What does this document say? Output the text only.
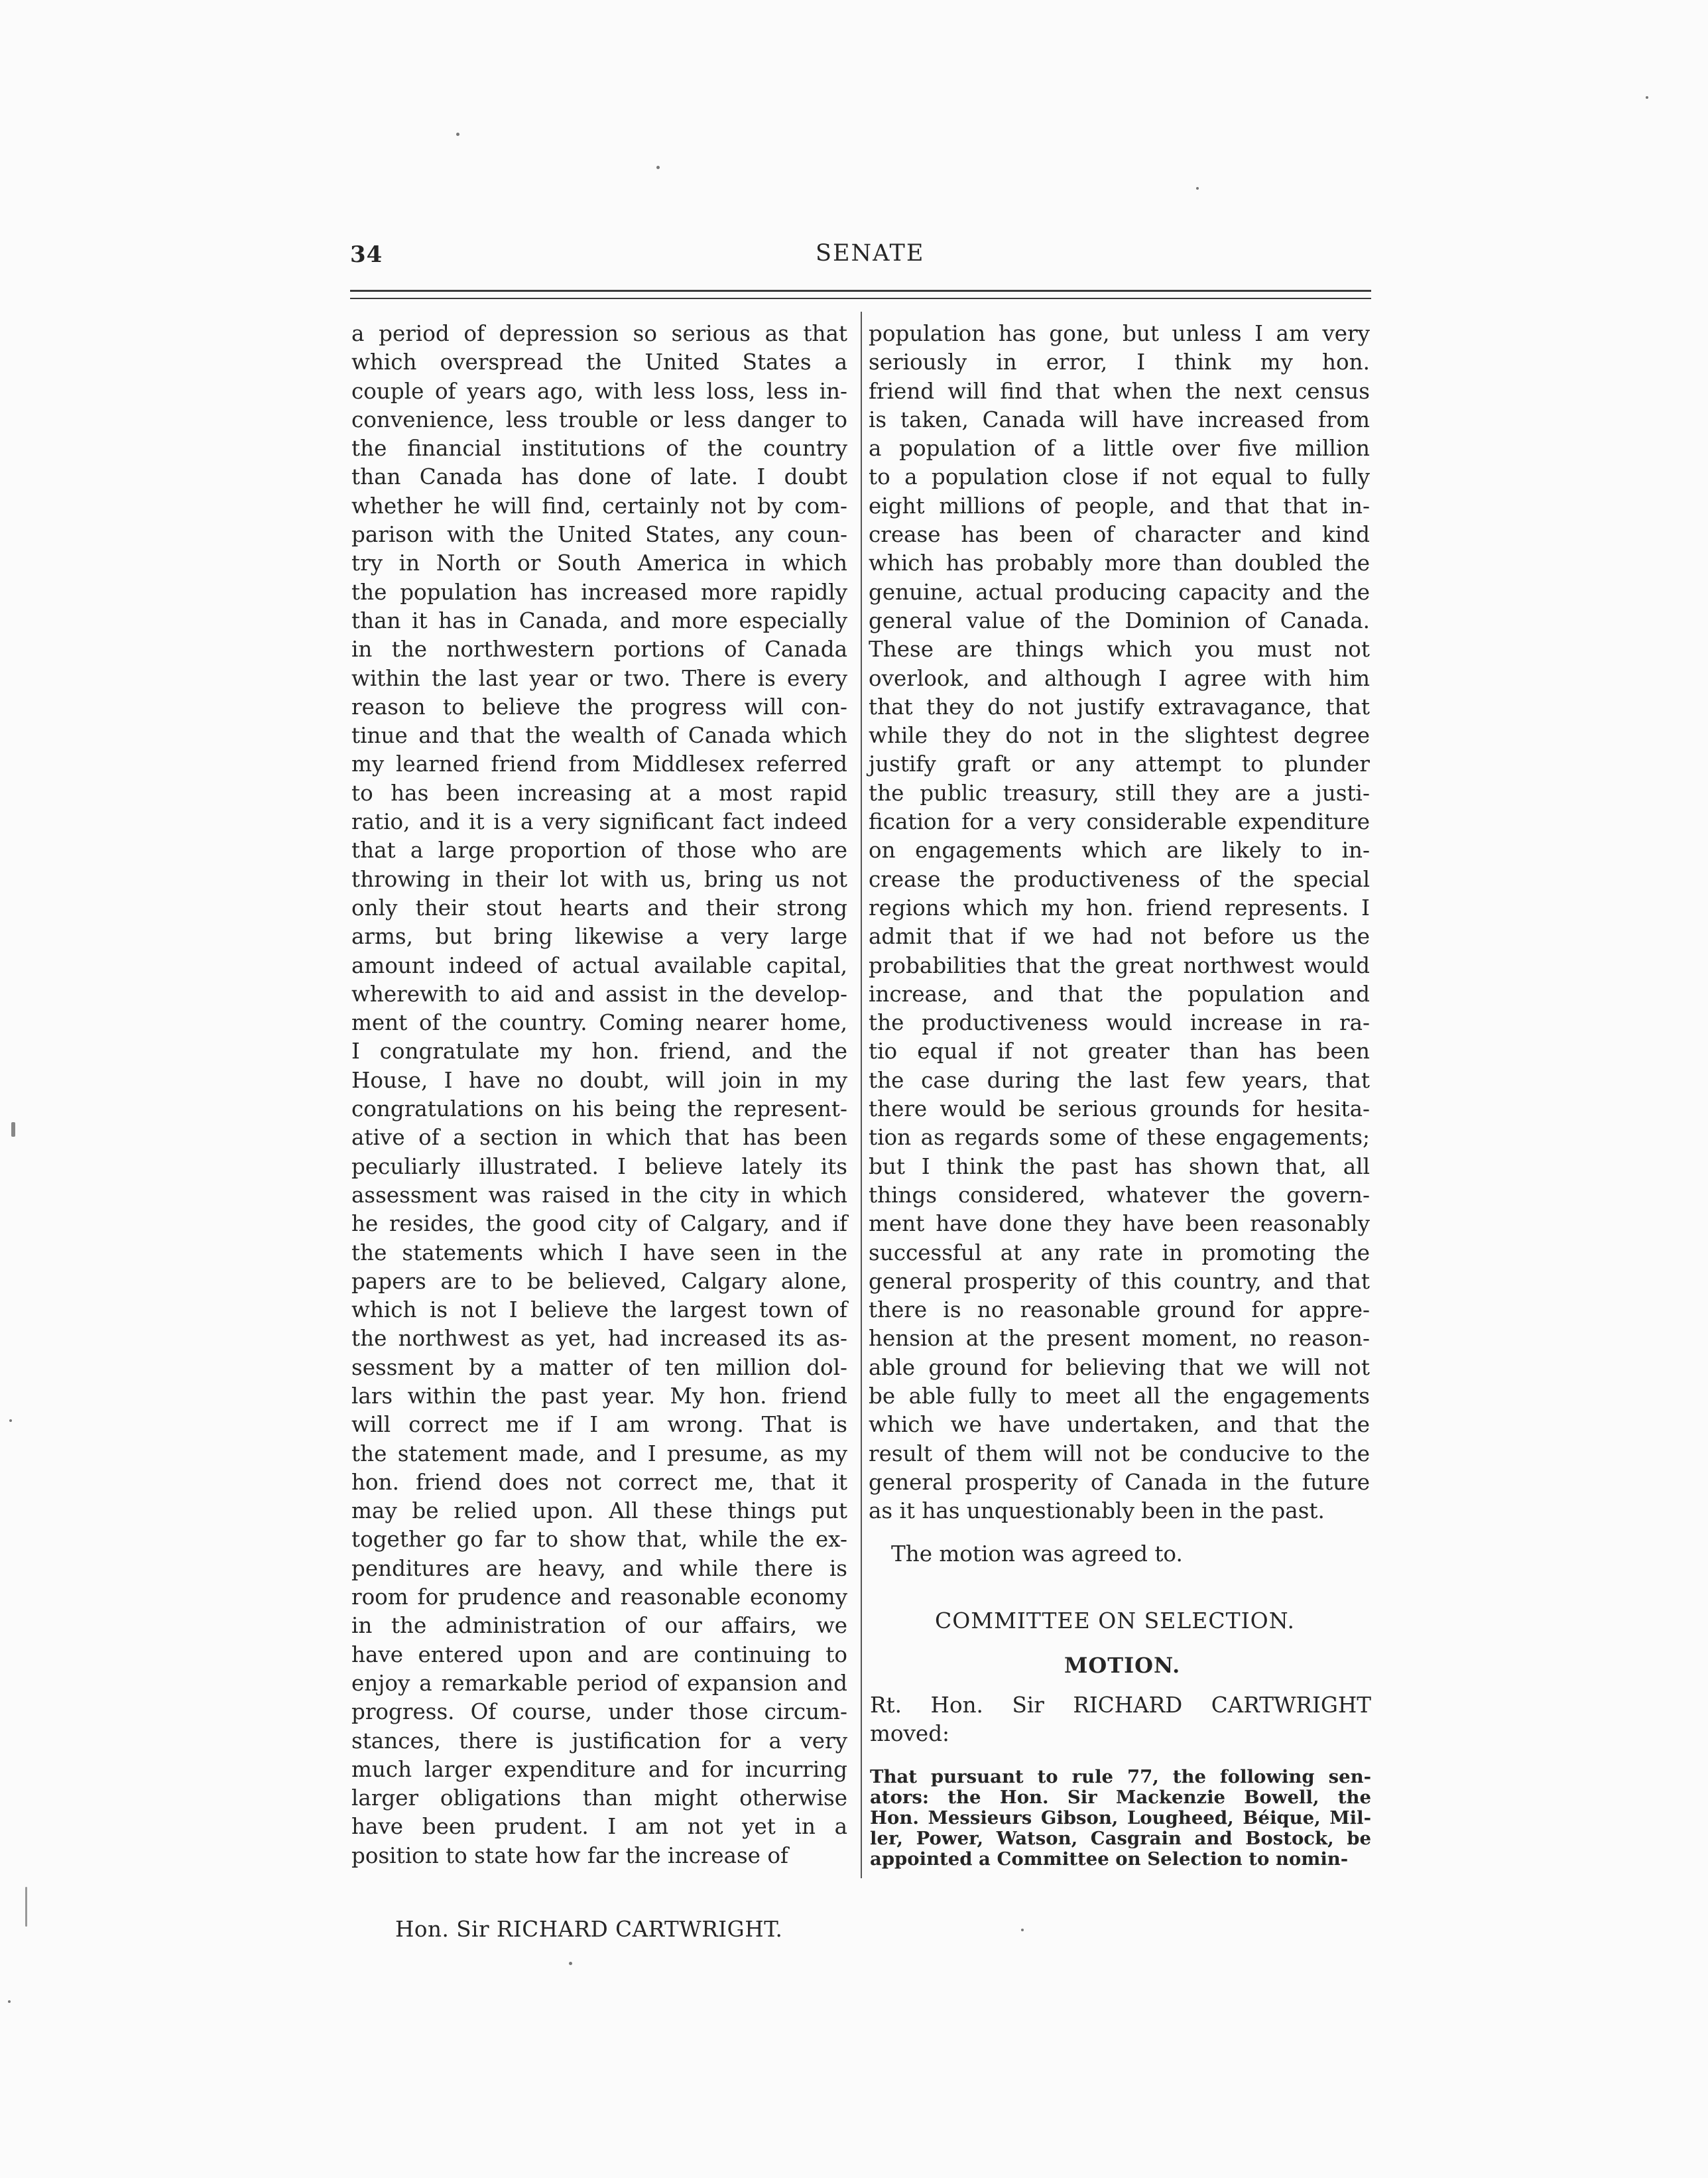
34	SENATE
a period of depression so serious as that
which overspread the United States a
couple of years ago, with less loss, less in-
convenience, less trouble or less danger to
the financial institutions of the country
than Canada has done of late. I doubt
whether he will find, certainly not by com-
parison with the United States, any coun-
try in North or South America in which
the population has increased more rapidly
than it has in Canada, and more especially
in the northwestern portions of Canada
within the last year or two. There is every
reason to believe the progress will con-
tinue and that the wealth of Canada which
my learned friend from Middlesex referred
to has been increasing at a most rapid
ratio, and it is a very significant fact indeed
that a large proportion of those who are
throwing in their lot with us, bring us not
only their stout hearts and their strong
arms, but bring likewise a very large
amount indeed of actual available capital,
wherewith to aid and assist in the develop-
ment of the country. Coming nearer home,
I congratulate my hon. friend, and the
House, I have no doubt, will join in my
congratulations on his being the represent-
ative of a section in which that has been
peculiarly illustrated. I believe lately its
assessment was raised in the city in which
he resides, the good city of Calgary, and if
the statements which I have seen in the
papers are to be believed, Calgary alone,
which is not I believe the largest town of
the northwest as yet, had increased its as-
sessment by a matter of ten million dol-
lars within the past year. My hon. friend
will correct me if I am wrong. That is
the statement made, and I presume, as my
hon. friend does not correct me, that it
may be relied upon. All these things put
together go far to show that, while the ex-
penditures are heavy, and while there is
room for prudence and reasonable economy
in the administration of our affairs, we
have entered upon and are continuing to
enjoy a remarkable period of expansion and
progress. Of course, under those circum-
stances, there is justification for a very
much larger expenditure and for incurring
larger obligations than might otherwise
have been prudent. I am not yet in a
position to state how far the increase of
Hon. Sir RICHARD CARTWRIGHT.
population has gone, but unless I am very
seriously in error, I think my hon.
friend will find that when the next census
is taken, Canada will have increased from
a population of a little over five million
to a population close if not equal to fully
eight millions of people, and that that in-
crease has been of character and kind
which has probably more than doubled the
genuine, actual producing capacity and the
general value of the Dominion of Canada.
These are things which you must not
overlook, and although I agree with him
that they do not justify extravagance, that
while they do not in the slightest degree
justify graft or any attempt to plunder
the public treasury, still they are a justi-
fication for a very considerable expenditure
on engagements which are likely to in-
crease the productiveness of the special
regions which my hon. friend represents. I
admit that if we had not before us the
probabilities that the great northwest would
increase, and that the population and
the productiveness would increase in ra-
tio equal if not greater than has been
the case during the last few years, that
there would be serious grounds for hesita-
tion as regards some of these engagements;
but I think the past has shown that, all
things considered, whatever the govern-
ment have done they have been reasonably
successful at any rate in promoting the
general prosperity of this country, and that
there is no reasonable ground for appre-
hension at the present moment, no reason-
able ground for believing that we will not
be able fully to meet all the engagements
which we have undertaken, and that the
result of them will not be conducive to the
general prosperity of Canada in the future
as it has unquestionably been in the past.
The motion was agreed to.
COMMITTEE ON SELECTION.
MOTION.
Rt. Hon. Sir RICHARD CARTWRIGHT
moved:
That pursuant to rule 77, the following sen-
ators: the Hon. Sir Mackenzie Bowell, the
Hon. Messieurs Gibson, Lougheed, Béique, Mil-
ler, Power, Watson, Casgrain and Bostock, be
appointed a Committee on Selection to nomin-
